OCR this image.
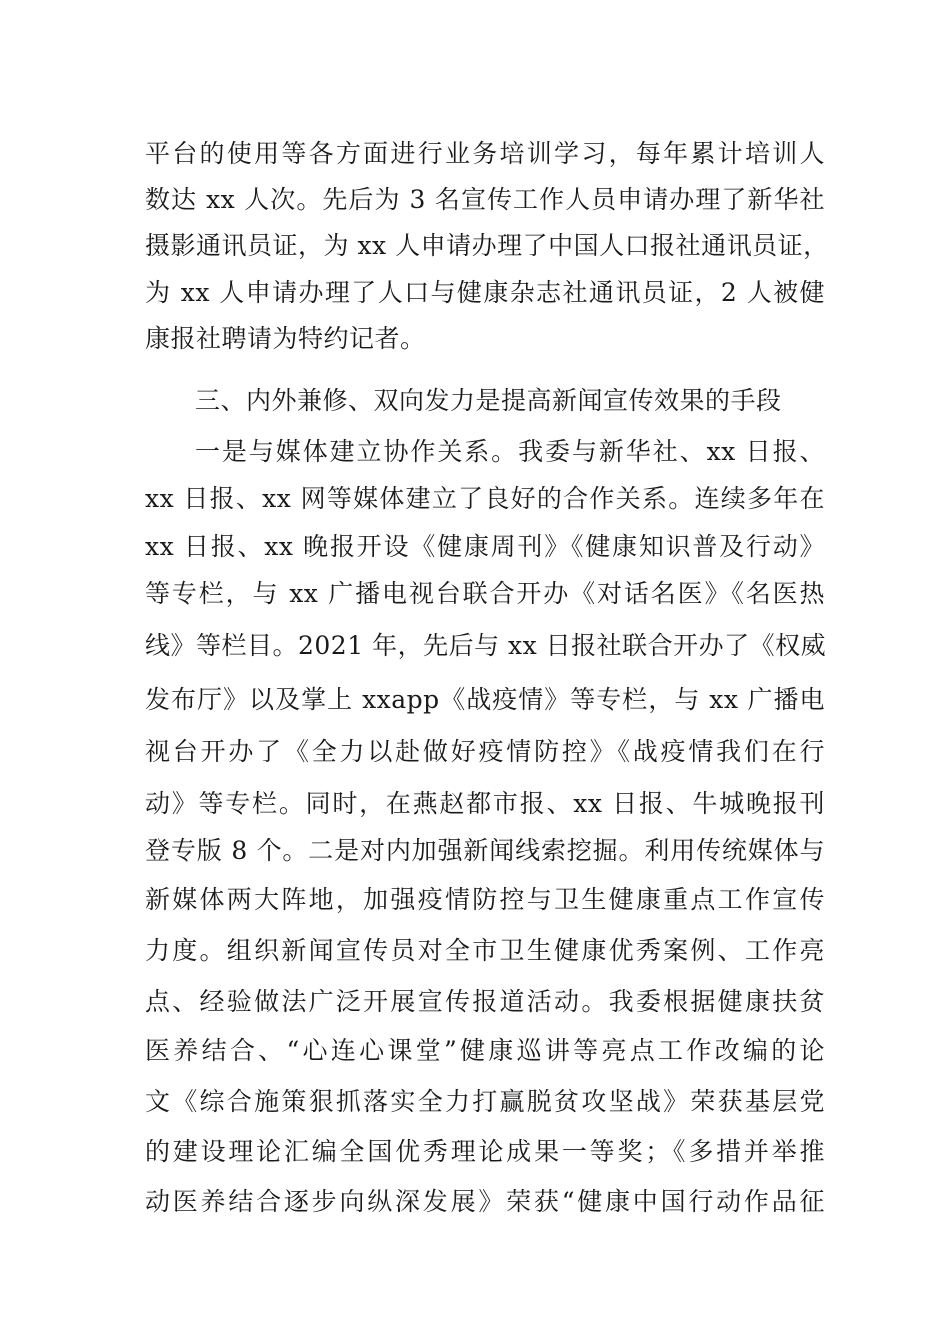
平台的使用等各方面进行业务培训学习，每年累计培训人
数达 xx 人次。先后为 3 名宣传工作人员申请办理了新华社
摄影通讯员证，为 xx 人申请办理了中国人口报社通讯员证，
为 xx 人申请办理了人口与健康杂志社通讯员证，2 人被健
康报社聘请为特约记者。
三、内外兼修、双向发力是提高新闻宣传效果的手段
一是与媒体建立协作关系。我委与新华社、xx 日报、
xx 日报、xx 网等媒体建立了良好的合作关系。连续多年在
xx 日报、xx 晚报开设《健康周刊》《健康知识普及行动》
等专栏，与 xx 广播电视台联合开办《对话名医》《名医热
线》等栏目。2021 年，先后与 xx 日报社联合开办了《权威
发布厅》以及掌上 xxapp《战疫情》等专栏，与 xx 广播电
视台开办了《全力以赴做好疫情防控》《战疫情我们在行
动》等专栏。同时，在燕赵都市报、xx 日报、牛城晚报刊
登专版 8 个。二是对内加强新闻线索挖掘。利用传统媒体与
新媒体两大阵地，加强疫情防控与卫生健康重点工作宣传
力度。组织新闻宣传员对全市卫生健康优秀案例、工作亮
点、经验做法广泛开展宣传报道活动。我委根据健康扶贫
医养结合、“心连心课堂”健康巡讲等亮点工作改编的论
文《综合施策狠抓落实全力打赢脱贫攻坚战》荣获基层党
的建设理论汇编全国优秀理论成果一等奖；《多措并举推
动医养结合逐步向纵深发展》荣获“健康中国行动作品征
